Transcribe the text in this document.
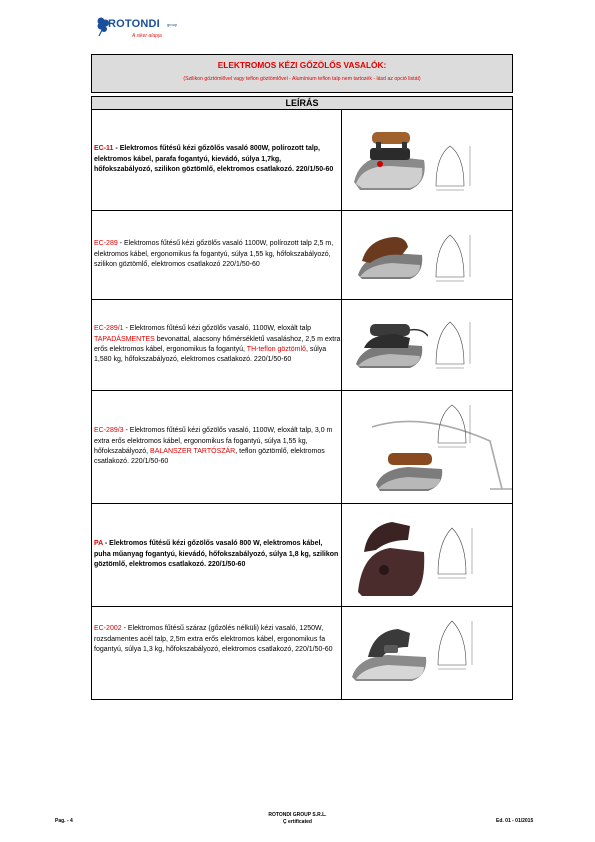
ROTONDI group
A siker alapja
ELEKTROMOS KÉZI GŐZÖLŐS VASALÓK:
(Szilikon göztömlővel vagy teflon göztömlővel - Alumínium teflon talp nem tartozék - lásd az opció listát)
LEÍRÁS
EC-11 - Elektromos fűtésű kézi gőzölős vasaló 800W, polírozott talp, elektromos kábel, parafa fogantyú, kievádó, súlya 1,7kg, hőfokszabályozó, szilikon göztömlő, elektromos csatlakozó. 220/1/50-60
EC-289 - Elektromos fűtésű kézi gőzölős vasaló 1100W, polírozott talp 2,5 m, elektromos kábel, ergonomikus fa fogantyú, súlya 1,55 kg, hőfokszabályozó, szilikon göztömlő, elektromos csatlakozó 220/1/50-60
EC-289/1 - Elektromos fűtésű kézi gőzölős vasaló, 1100W, eloxált talp TAPADÁSMENTES bevonattal, alacsony hőmérsékletű vasaláshoz, 2,5 m extra erős elektromos kábel, ergonomikus fa fogantyú, TH-teflon göztömlő, súlya 1,580 kg, hőfokszabályozó, elektromos csatlakozó. 220/1/50-60
EC-289/3 - Elektromos fűtésű kézi gőzölős vasaló, 1100W, eloxált talp, 3,0 m extra erős elektromos kábel, ergonomikus fa fogantyú, súlya 1,55 kg, hőfokszabályozó, BALANSZER TARTÓSZÁR, teflon göztömlő, elektromos csatlakozó. 220/1/50-60
PA - Elektromos fűtésű kézi gőzölős vasaló 800 W, elektromos kábel, puha műanyag fogantyú, kievádó, hőfokszabályozó, súlya 1,8 kg, szilikon göztömlő, elektromos csatlakozó. 220/1/50-60
EC-2002 - Elektromos fűtésű száraz (gőzölés nélküli) kézi vasaló, 1250W, rozsdamentes acél talp, 2,5m extra erős elektromos kábel, ergonomikus fa fogantyú, súlya 1,3 kg, hőfokszabályozó, elektromos csatlakozó, 220/1/50-60
Pag. - 4
ROTONDI GROUP S.R.L.
Ç ertificated	Ed. 01 - 01/2015
